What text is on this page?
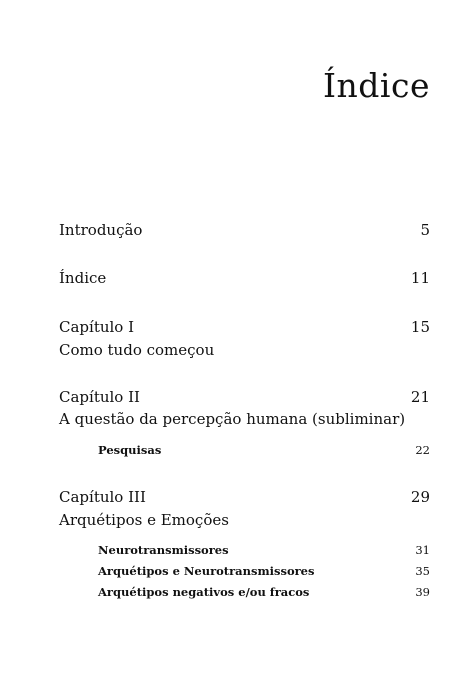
Índice
Introdução	5
Índice	11
Capítulo I	15
Como tudo começou
Capítulo II	21
A questão da percepção humana (subliminar)
Pesquisas	22
Capítulo III	29
Arquétipos e Emoções
Neurotransmissores	31
Arquétipos e Neurotransmissores	35
Arquétipos negativos e/ou fracos	39
